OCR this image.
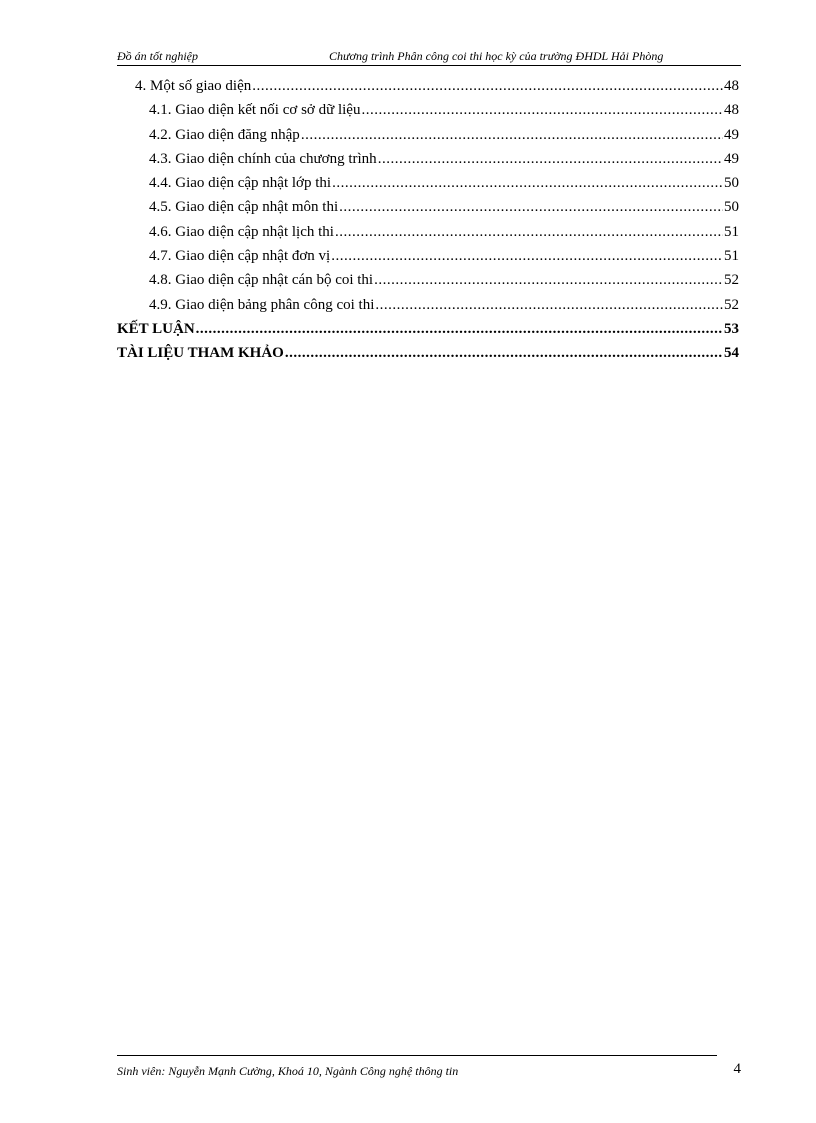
Đồ án tốt nghiệp	Chương trình Phân công coi thi học kỳ của trường ĐHDL Hải Phòng
4. Một số giao diện .....	48
4.1. Giao diện kết nối cơ sở dữ liệu .....	48
4.2. Giao diện đăng nhập .....	49
4.3. Giao diện chính của chương trình .....	49
4.4. Giao diện cập nhật lớp thi .....	50
4.5. Giao diện cập nhật môn thi .....	50
4.6. Giao diện cập nhật lịch thi .....	51
4.7. Giao diện cập nhật đơn vị .....	51
4.8. Giao diện cập nhật cán bộ coi thi .....	52
4.9. Giao diện bảng phân công coi thi .....	52
KẾT LUẬN .....	53
TÀI LIỆU THAM KHẢO .....	54
Sinh viên: Nguyễn Mạnh Cường, Khoá 10, Ngành Công nghệ thông tin	4
